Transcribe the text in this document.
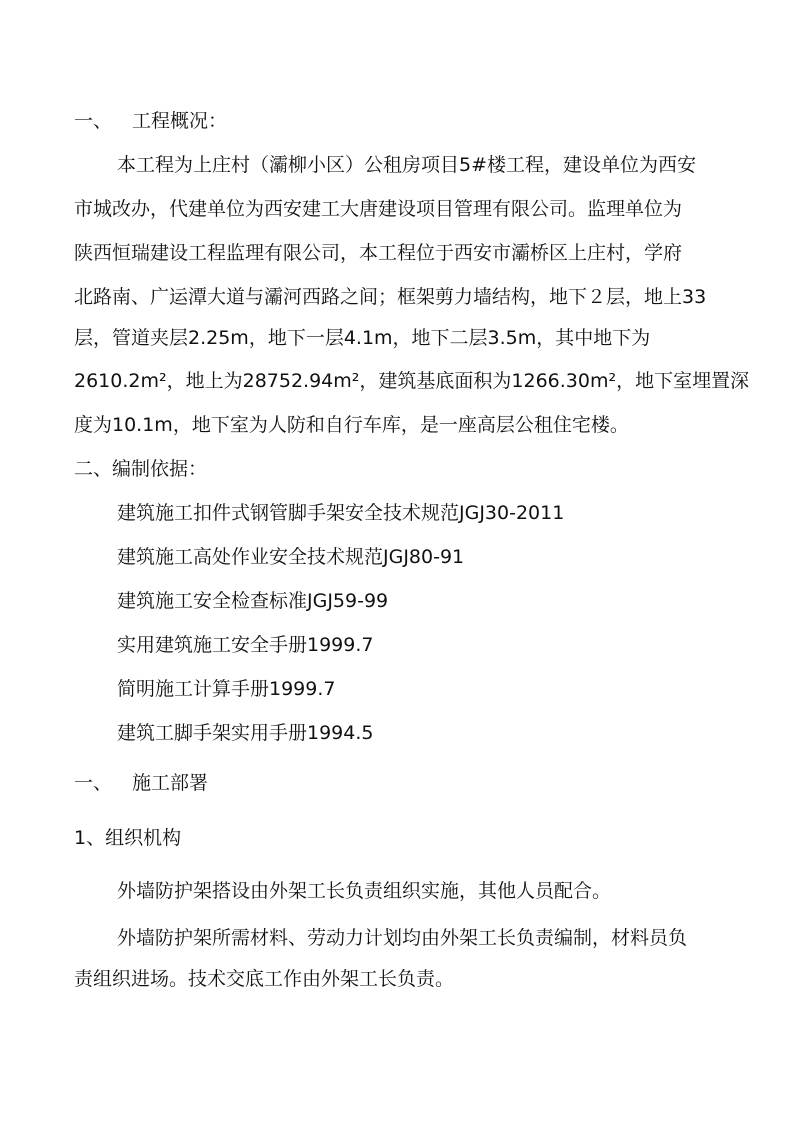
一、 工程概况：
本工程为上庄村（灞柳小区）公租房项目5#楼工程，建设单位为西安
市城改办，代建单位为西安建工大唐建设项目管理有限公司。监理单位为
陕西恒瑞建设工程监理有限公司，本工程位于西安市灞桥区上庄村，学府
北路南、广运潭大道与灞河西路之间；框架剪力墙结构，地下２层，地上33
层，管道夹层2.25m，地下一层4.1m，地下二层3.5m，其中地下为
2610.2m²，地上为28752.94m²，建筑基底面积为1266.30m²，地下室埋置深
度为10.1m，地下室为人防和自行车库，是一座高层公租住宅楼。
二、编制依据：
建筑施工扣件式钢管脚手架安全技术规范JGJ30-2011
建筑施工高处作业安全技术规范JGJ80-91
建筑施工安全检查标准JGJ59-99
实用建筑施工安全手册1999.7
简明施工计算手册1999.7
建筑工脚手架实用手册1994.5
一、 施工部署
1、组织机构
外墙防护架搭设由外架工长负责组织实施，其他人员配合。
外墙防护架所需材料、劳动力计划均由外架工长负责编制，材料员负
责组织进场。技术交底工作由外架工长负责。
